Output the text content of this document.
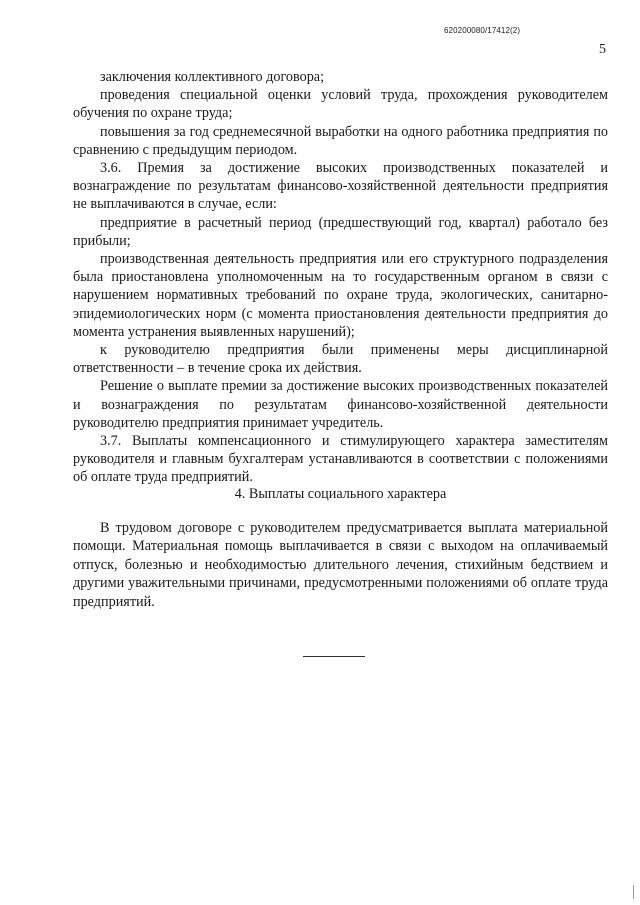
620200080/17412(2)
5

заключения коллективного договора;

проведения специальной оценки условий труда, прохождения руководителем обучения по охране труда;

повышения за год среднемесячной выработки на одного работника предприятия по сравнению с предыдущим периодом.

3.6. Премия за достижение высоких производственных показателей и вознаграждение по результатам финансово-хозяйственной деятельности предприятия не выплачиваются в случае, если:

предприятие в расчетный период (предшествующий год, квартал) работало без прибыли;

производственная деятельность предприятия или его структурного подразделения была приостановлена уполномоченным на то государственным органом в связи с нарушением нормативных требований по охране труда, экологических, санитарно-эпидемиологических норм (с момента приостановления деятельности предприятия до момента устранения выявленных нарушений);

к руководителю предприятия были применены меры дисциплинарной ответственности – в течение срока их действия.

Решение о выплате премии за достижение высоких производственных показателей и вознаграждения по результатам финансово-хозяйственной деятельности руководителю предприятия принимает учредитель.

3.7. Выплаты компенсационного и стимулирующего характера заместителям руководителя и главным бухгалтерам устанавливаются в соответствии с положениями об оплате труда предприятий.

4. Выплаты социального характера

В трудовом договоре с руководителем предусматривается выплата материальной помощи. Материальная помощь выплачивается в связи с выходом на оплачиваемый отпуск, болезнью и необходимостью длительного лечения, стихийным бедствием и другими уважительными причинами, предусмотренными положениями об оплате труда предприятий.
